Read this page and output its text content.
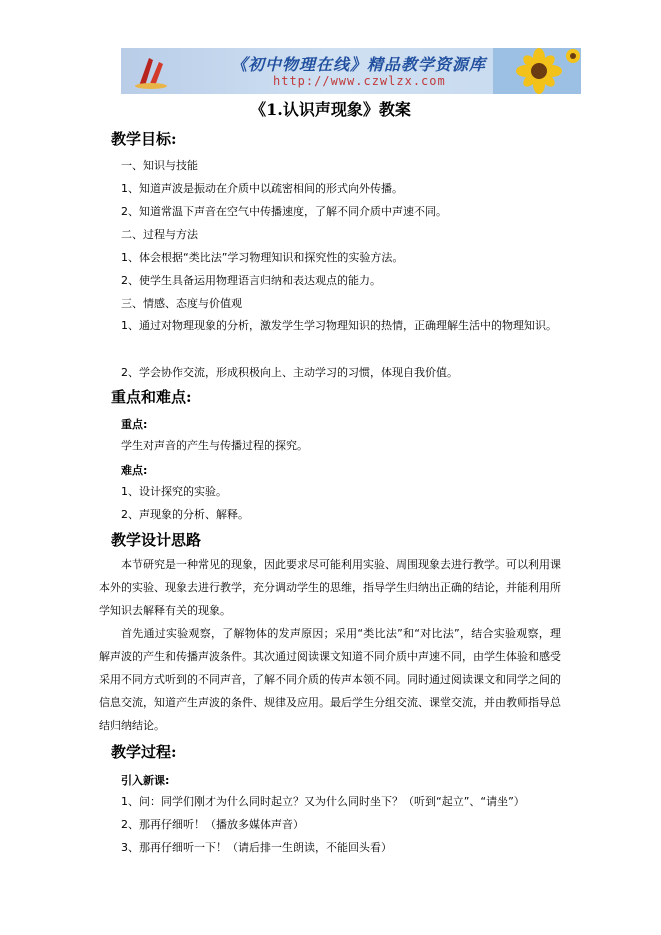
《初中物理在线》精品教学资源库
http://www.czwlzx.com
《1.认识声现象》教案
教学目标:
一、知识与技能
1、知道声波是振动在介质中以疏密相间的形式向外传播。
2、知道常温下声音在空气中传播速度，了解不同介质中声速不同。
二、过程与方法
1、体会根据“类比法”学习物理知识和探究性的实验方法。
2、使学生具备运用物理语言归纳和表达观点的能力。
三、情感、态度与价值观
1、通过对物理现象的分析，激发学生学习物理知识的热情，正确理解生活中的物理知识。
2、学会协作交流，形成积极向上、主动学习的习惯，体现自我价值。
重点和难点:
重点:
学生对声音的产生与传播过程的探究。
难点:
1、设计探究的实验。
2、声现象的分析、解释。
教学设计思路
本节研究是一种常见的现象，因此要求尽可能利用实验、周围现象去进行教学。可以利用课本外的实验、现象去进行教学，充分调动学生的思维，指导学生归纳出正确的结论，并能利用所学知识去解释有关的现象。
首先通过实验观察，了解物体的发声原因；采用“类比法”和“对比法”，结合实验观察，理解声波的产生和传播声波条件。其次通过阅读课文知道不同介质中声速不同，由学生体验和感受采用不同方式听到的不同声音，了解不同介质的传声本领不同。同时通过阅读课文和同学之间的信息交流，知道产生声波的条件、规律及应用。最后学生分组交流、课堂交流，并由教师指导总结归纳结论。
教学过程:
引入新课:
1、问：同学们刚才为什么同时起立？又为什么同时坐下？（听到“起立”、“请坐”）
2、那再仔细听！（播放多媒体声音）
3、那再仔细听一下！（请后排一生朗读，不能回头看）
